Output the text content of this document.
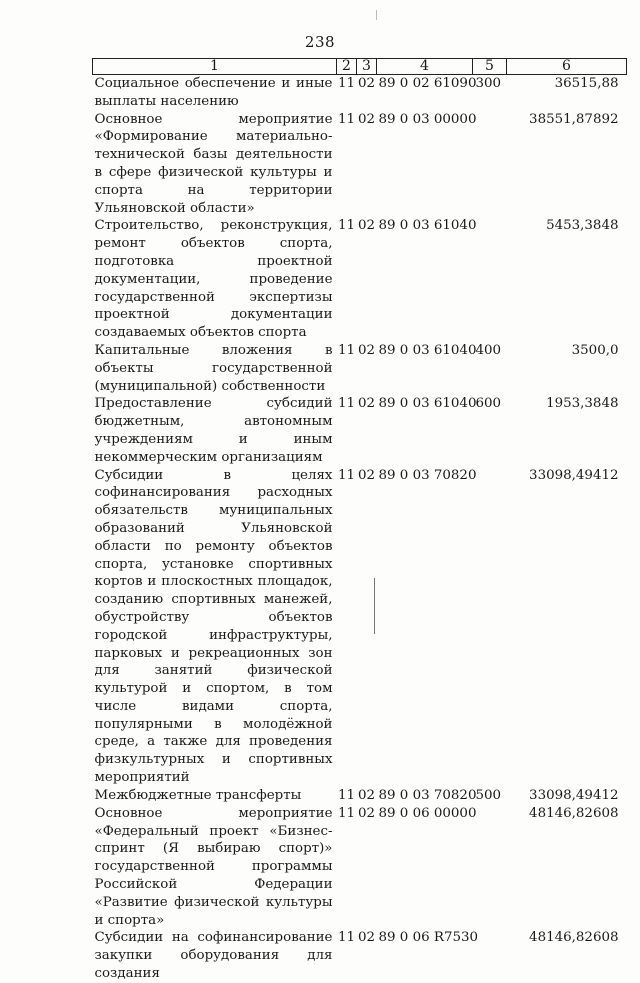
238
1	2	3	4	5	6
Социальное обеспечение и иные выплаты населению	11	02	89 0 02 61090	300	36515,88
Основное мероприятие «Формирование материально-технической базы деятельности в сфере физической культуры и спорта на территории Ульяновской области»	11	02	89 0 03 00000		38551,87892
Строительство, реконструкция, ремонт объектов спорта, подготовка проектной документации, проведение государственной экспертизы проектной документации создаваемых объектов спорта	11	02	89 0 03 61040		5453,3848
Капитальные вложения в объекты государственной (муниципальной) собственности	11	02	89 0 03 61040	400	3500,0
Предоставление субсидий бюджетным, автономным учреждениям и иным некоммерческим организациям	11	02	89 0 03 61040	600	1953,3848
Субсидии в целях софинансирования расходных обязательств муниципальных образований Ульяновской области по ремонту объектов спорта, установке спортивных кортов и плоскостных площадок, созданию спортивных манежей, обустройству объектов городской инфраструктуры, парковых и рекреационных зон для занятий физической культурой и спортом, в том числе видами спорта, популярными в молодёжной среде, а также для проведения физкультурных и спортивных мероприятий	11	02	89 0 03 70820		33098,49412
Межбюджетные трансферты	11	02	89 0 03 70820	500	33098,49412
Основное мероприятие «Федеральный проект «Бизнес-спринт (Я выбираю спорт)» государственной программы Российской Федерации «Развитие физической культуры и спорта»	11	02	89 0 06 00000		48146,82608
Субсидии на софинансирование закупки оборудования для создания	11	02	89 0 06 R7530		48146,82608
